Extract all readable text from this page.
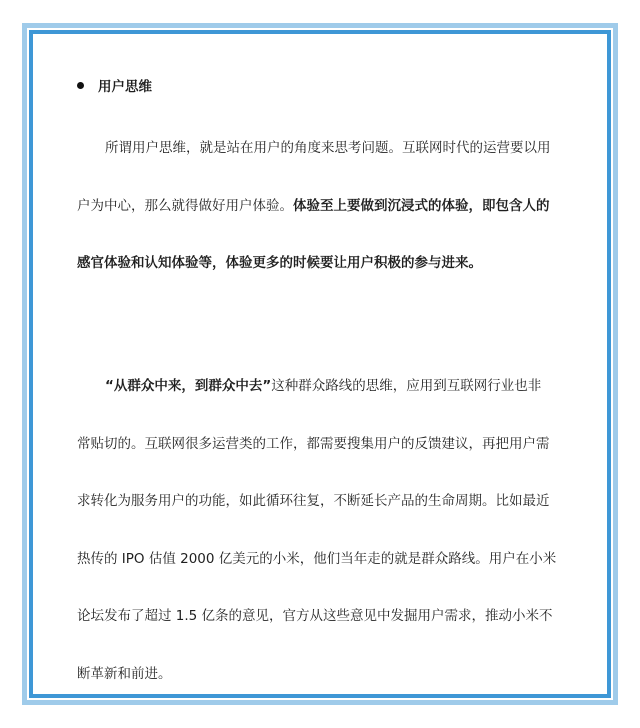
用户思维
所谓用户思维，就是站在用户的角度来思考问题。互联网时代的运营要以用
户为中心，那么就得做好用户体验。体验至上要做到沉浸式的体验，即包含人的
感官体验和认知体验等，体验更多的时候要让用户积极的参与进来。
“从群众中来，到群众中去”这种群众路线的思维，应用到互联网行业也非
常贴切的。互联网很多运营类的工作，都需要搜集用户的反馈建议，再把用户需
求转化为服务用户的功能，如此循环往复，不断延长产品的生命周期。比如最近
热传的 IPO 估值 2000 亿美元的小米，他们当年走的就是群众路线。用户在小米
论坛发布了超过 1.5 亿条的意见，官方从这些意见中发掘用户需求，推动小米不
断革新和前进。
